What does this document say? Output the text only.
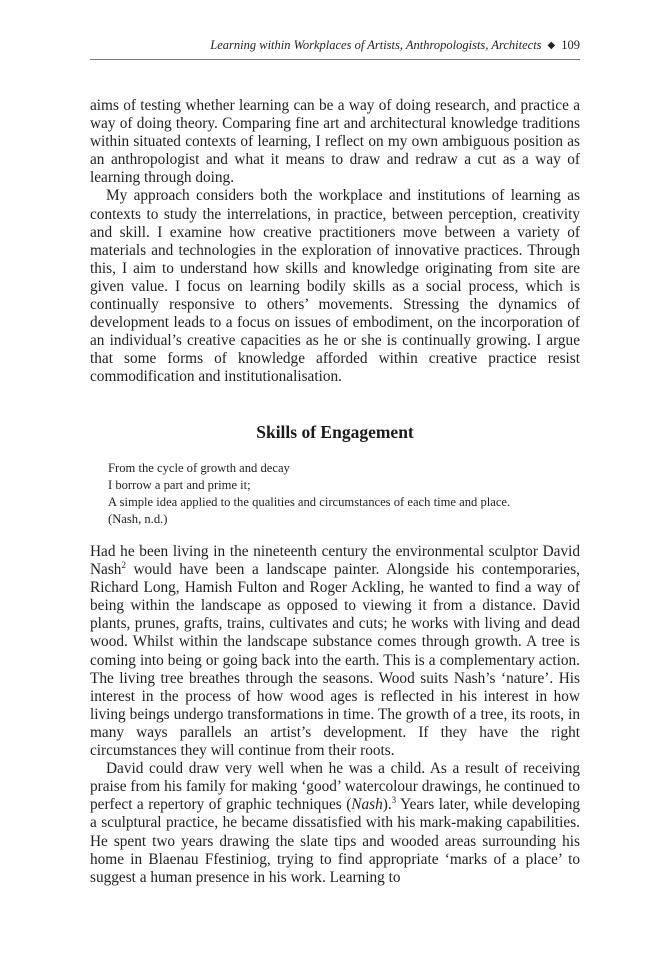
Learning within Workplaces of Artists, Anthropologists, Architects ◆ 109

aims of testing whether learning can be a way of doing research, and practice a way of doing theory. Comparing fine art and architectural knowledge traditions within situated contexts of learning, I reflect on my own ambiguous position as an anthropologist and what it means to draw and redraw a cut as a way of learning through doing.

My approach considers both the workplace and institutions of learning as contexts to study the interrelations, in practice, between perception, creativity and skill. I examine how creative practitioners move between a variety of materials and technologies in the exploration of innovative practices. Through this, I aim to understand how skills and knowledge originating from site are given value. I focus on learning bodily skills as a social process, which is continually responsive to others’ movements. Stressing the dynamics of development leads to a focus on issues of embodiment, on the incorporation of an individual’s creative capacities as he or she is continually growing. I argue that some forms of knowledge afforded within creative practice resist commodification and institutionalisation.

Skills of Engagement
From the cycle of growth and decay
I borrow a part and prime it;
A simple idea applied to the qualities and circumstances of each time and place.
(Nash, n.d.)

Had he been living in the nineteenth century the environmental sculptor David Nash$^2$ would have been a landscape painter. Alongside his contemporaries, Richard Long, Hamish Fulton and Roger Ackling, he wanted to find a way of being within the landscape as opposed to viewing it from a distance. David plants, prunes, grafts, trains, cultivates and cuts; he works with living and dead wood. Whilst within the landscape substance comes through growth. A tree is coming into being or going back into the earth. This is a complementary action. The living tree breathes through the seasons. Wood suits Nash’s ‘nature’. His interest in the process of how wood ages is reflected in his interest in how living beings undergo transformations in time. The growth of a tree, its roots, in many ways parallels an artist’s development. If they have the right circumstances they will continue from their roots.

David could draw very well when he was a child. As a result of receiving praise from his family for making ‘good’ watercolour drawings, he continued to perfect a repertory of graphic techniques (Nash).$^3$ Years later, while developing a sculptural practice, he became dissatisfied with his mark-making capabilities. He spent two years drawing the slate tips and wooded areas surrounding his home in Blaenau Ffestiniog, trying to find appropriate ‘marks of a place’ to suggest a human presence in his work. Learning to
